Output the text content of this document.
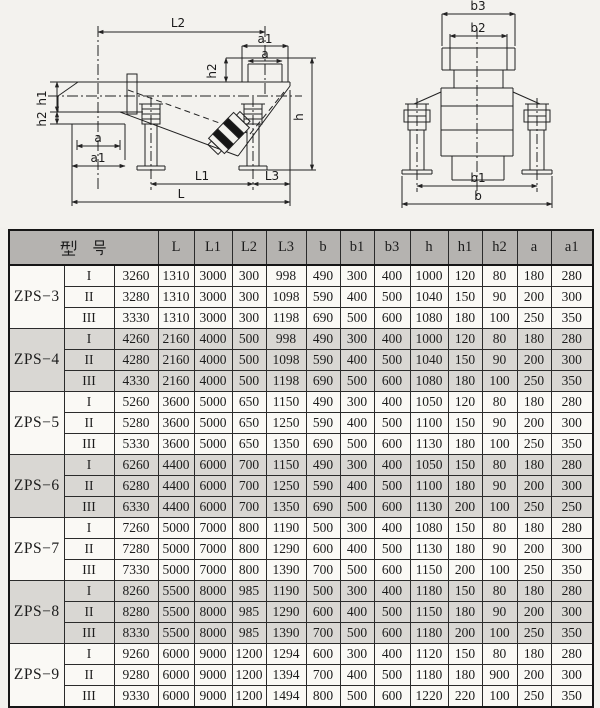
L2
a1
a
h2
h1
h2
a
a1
L1	L3
L
h
b3
b2
b1
b
	L	L1	L2	L3	b	b1	b3	h	h1	h2	a	a1
ZPS−3	I	3260	1310	3000	300	998	490	300	400	1000	120	80	180	280
	II	3280	1310	3000	300	1098	590	400	500	1040	150	90	200	300
	III	3330	1310	3000	300	1198	690	500	600	1080	180	100	250	350
ZPS−4	I	4260	2160	4000	500	998	490	300	400	1000	120	80	180	280
	II	4280	2160	4000	500	1098	590	400	500	1040	150	90	200	300
	III	4330	2160	4000	500	1198	690	500	600	1080	180	100	250	350
ZPS−5	I	5260	3600	5000	650	1150	490	300	400	1050	120	80	180	280
	II	5280	3600	5000	650	1250	590	400	500	1100	150	90	200	300
	III	5330	3600	5000	650	1350	690	500	600	1130	180	100	250	350
ZPS−6	I	6260	4400	6000	700	1150	490	300	400	1050	150	80	180	280
	II	6280	4400	6000	700	1250	590	400	500	1100	180	90	200	300
	III	6330	4400	6000	700	1350	690	500	600	1130	200	100	250	250
ZPS−7	I	7260	5000	7000	800	1190	500	300	400	1080	150	80	180	280
	II	7280	5000	7000	800	1290	600	400	500	1130	180	90	200	300
	III	7330	5000	7000	800	1390	700	500	600	1150	200	100	250	350
ZPS−8	I	8260	5500	8000	985	1190	500	300	400	1180	150	80	180	280
	II	8280	5500	8000	985	1290	600	400	500	1150	180	90	200	300
	III	8330	5500	8000	985	1390	700	500	600	1180	200	100	250	350
ZPS−9	I	9260	6000	9000	1200	1294	600	300	400	1120	150	80	180	280
	II	9280	6000	9000	1200	1394	700	400	500	1180	180	900	200	300
	III	9330	6000	9000	1200	1494	800	500	600	1220	220	100	250	350
